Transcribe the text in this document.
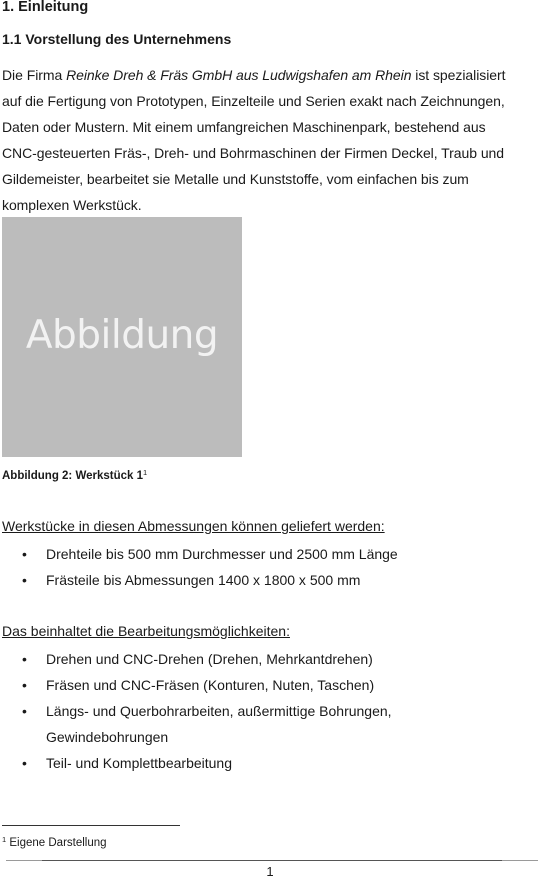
1. Einleitung

1.1 Vorstellung des Unternehmens

Die Firma Reinke Dreh & Fräs GmbH aus Ludwigshafen am Rhein ist spezialisiert
auf die Fertigung von Prototypen, Einzelteile und Serien exakt nach Zeichnungen,
Daten oder Mustern. Mit einem umfangreichen Maschinenpark, bestehend aus
CNC-gesteuerten Fräs-, Dreh- und Bohrmaschinen der Firmen Deckel, Traub und
Gildemeister, bearbeitet sie Metalle und Kunststoffe, vom einfachen bis zum
komplexen Werkstück.

Abbildung

Abbildung 2: Werkstück $1^1$

Werkstücke in diesen Abmessungen können geliefert werden:

• Drehteile bis 500 mm Durchmesser und 2500 mm Länge
• Frästeile bis Abmessungen 1400 x 1800 x 500 mm

Das beinhaltet die Bearbeitungsmöglichkeiten:

• Drehen und CNC-Drehen (Drehen, Mehrkantdrehen)
• Fräsen und CNC-Fräsen (Konturen, Nuten, Taschen)
• Längs- und Querbohrarbeiten, außermittige Bohrungen,
Gewindebohrungen
• Teil- und Komplettbearbeitung

$^1$ Eigene Darstellung

1
